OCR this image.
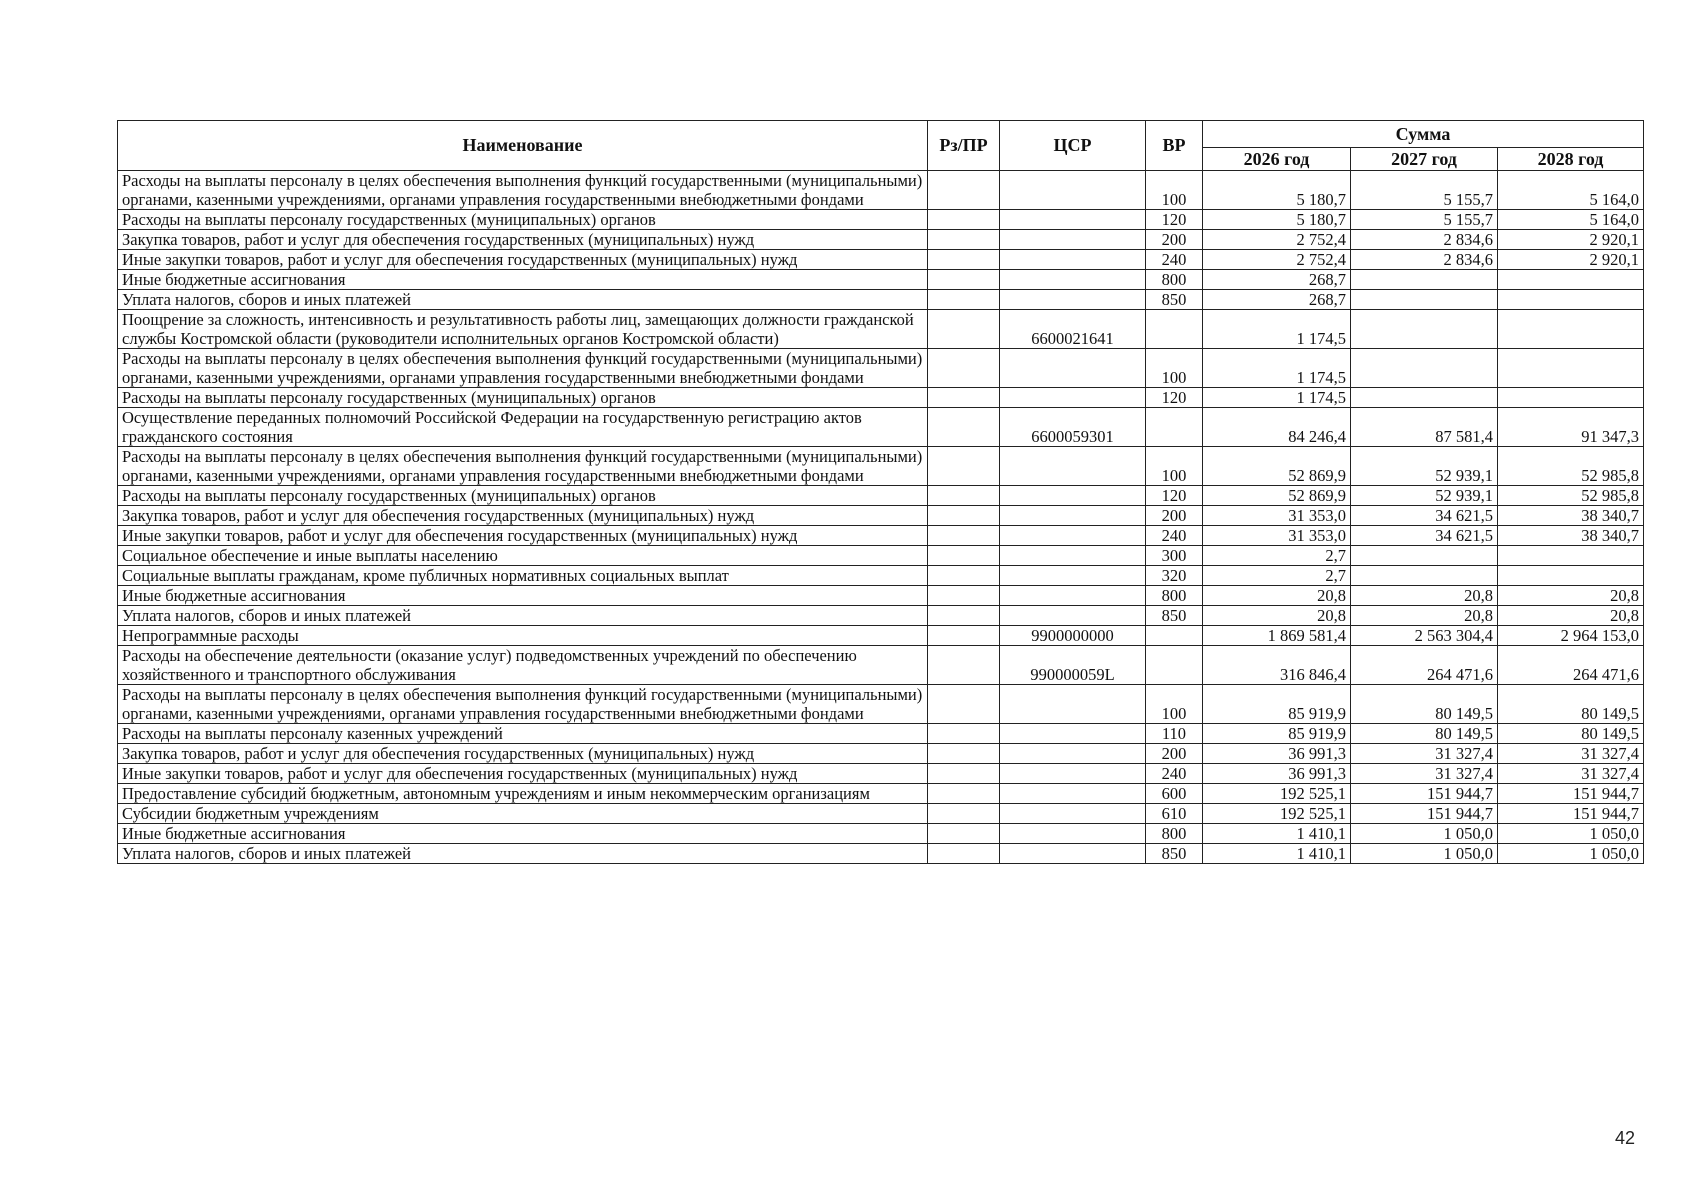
Наименование	Рз/ПР	ЦСР	ВР	Сумма		
				2026 год	2027 год	2028 год
Расходы на выплаты персоналу в целях обеспечения выполнения функций государственными (муниципальными) органами, казенными учреждениями, органами управления государственными внебюджетными фондами			100	5 180,7	5 155,7	5 164,0
Расходы на выплаты персоналу государственных (муниципальных) органов			120	5 180,7	5 155,7	5 164,0
Закупка товаров, работ и услуг для обеспечения государственных (муниципальных) нужд			200	2 752,4	2 834,6	2 920,1
Иные закупки товаров, работ и услуг для обеспечения государственных (муниципальных) нужд			240	2 752,4	2 834,6	2 920,1
Иные бюджетные ассигнования			800	268,7		
Уплата налогов, сборов и иных платежей			850	268,7		
Поощрение за сложность, интенсивность и результативность работы лиц, замещающих должности гражданской службы Костромской области (руководители исполнительных органов Костромской области)		6600021641		1 174,5		
Расходы на выплаты персоналу в целях обеспечения выполнения функций государственными (муниципальными) органами, казенными учреждениями, органами управления государственными внебюджетными фондами			100	1 174,5		
Расходы на выплаты персоналу государственных (муниципальных) органов			120	1 174,5		
Осуществление переданных полномочий Российской Федерации на государственную регистрацию актов гражданского состояния		6600059301		84 246,4	87 581,4	91 347,3
Расходы на выплаты персоналу в целях обеспечения выполнения функций государственными (муниципальными) органами, казенными учреждениями, органами управления государственными внебюджетными фондами			100	52 869,9	52 939,1	52 985,8
Расходы на выплаты персоналу государственных (муниципальных) органов			120	52 869,9	52 939,1	52 985,8
Закупка товаров, работ и услуг для обеспечения государственных (муниципальных) нужд			200	31 353,0	34 621,5	38 340,7
Иные закупки товаров, работ и услуг для обеспечения государственных (муниципальных) нужд			240	31 353,0	34 621,5	38 340,7
Социальное обеспечение и иные выплаты населению			300	2,7		
Социальные выплаты гражданам, кроме публичных нормативных социальных выплат			320	2,7		
Иные бюджетные ассигнования			800	20,8	20,8	20,8
Уплата налогов, сборов и иных платежей			850	20,8	20,8	20,8
Непрограммные расходы		9900000000		1 869 581,4	2 563 304,4	2 964 153,0
Расходы на обеспечение деятельности (оказание услуг) подведомственных учреждений по обеспечению хозяйственного и транспортного обслуживания		990000059L		316 846,4	264 471,6	264 471,6
Расходы на выплаты персоналу в целях обеспечения выполнения функций государственными (муниципальными) органами, казенными учреждениями, органами управления государственными внебюджетными фондами			100	85 919,9	80 149,5	80 149,5
Расходы на выплаты персоналу казенных учреждений			110	85 919,9	80 149,5	80 149,5
Закупка товаров, работ и услуг для обеспечения государственных (муниципальных) нужд			200	36 991,3	31 327,4	31 327,4
Иные закупки товаров, работ и услуг для обеспечения государственных (муниципальных) нужд			240	36 991,3	31 327,4	31 327,4
Предоставление субсидий бюджетным, автономным учреждениям и иным некоммерческим организациям			600	192 525,1	151 944,7	151 944,7
Субсидии бюджетным учреждениям			610	192 525,1	151 944,7	151 944,7
Иные бюджетные ассигнования			800	1 410,1	1 050,0	1 050,0
Уплата налогов, сборов и иных платежей			850	1 410,1	1 050,0	1 050,0
42
